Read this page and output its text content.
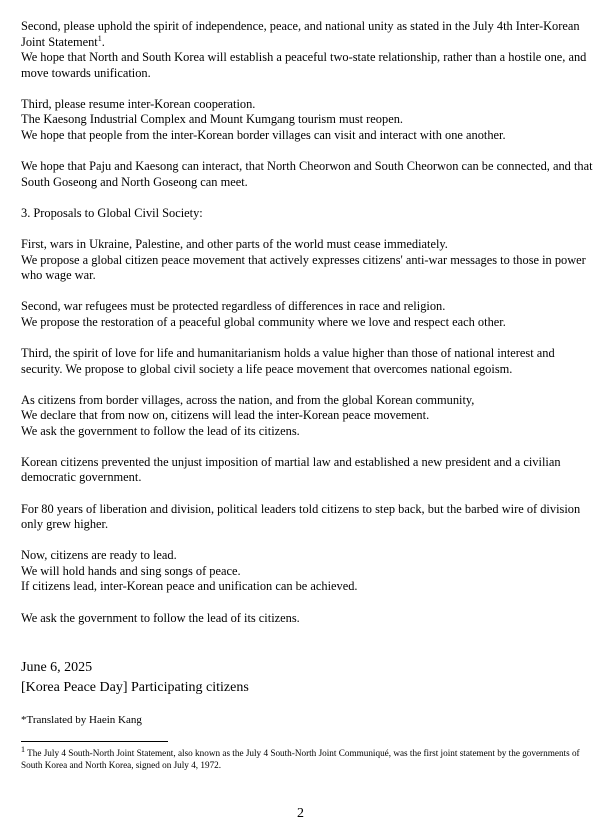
Second, please uphold the spirit of independence, peace, and national unity as stated in the July 4th Inter-Korean Joint Statement$^1$.
We hope that North and South Korea will establish a peaceful two-state relationship, rather than a hostile one, and move towards unification.
Third, please resume inter-Korean cooperation.
The Kaesong Industrial Complex and Mount Kumgang tourism must reopen.
We hope that people from the inter-Korean border villages can visit and interact with one another.
We hope that Paju and Kaesong can interact, that North Cheorwon and South Cheorwon can be connected, and that South Goseong and North Goseong can meet.
3. Proposals to Global Civil Society:
First, wars in Ukraine, Palestine, and other parts of the world must cease immediately.
We propose a global citizen peace movement that actively expresses citizens' anti-war messages to those in power who wage war.
Second, war refugees must be protected regardless of differences in race and religion.
We propose the restoration of a peaceful global community where we love and respect each other.
Third, the spirit of love for life and humanitarianism holds a value higher than those of national interest and security. We propose to global civil society a life peace movement that overcomes national egoism.
As citizens from border villages, across the nation, and from the global Korean community,
We declare that from now on, citizens will lead the inter-Korean peace movement.
We ask the government to follow the lead of its citizens.
Korean citizens prevented the unjust imposition of martial law and established a new president and a civilian democratic government.
For 80 years of liberation and division, political leaders told citizens to step back, but the barbed wire of division only grew higher.
Now, citizens are ready to lead.
We will hold hands and sing songs of peace.
If citizens lead, inter-Korean peace and unification can be achieved.
We ask the government to follow the lead of its citizens.
June 6, 2025
[Korea Peace Day] Participating citizens
*Translated by Haein Kang
$^1$ The July 4 South-North Joint Statement, also known as the July 4 South-North Joint Communiqué, was the first joint statement by the governments of South Korea and North Korea, signed on July 4, 1972.
2
